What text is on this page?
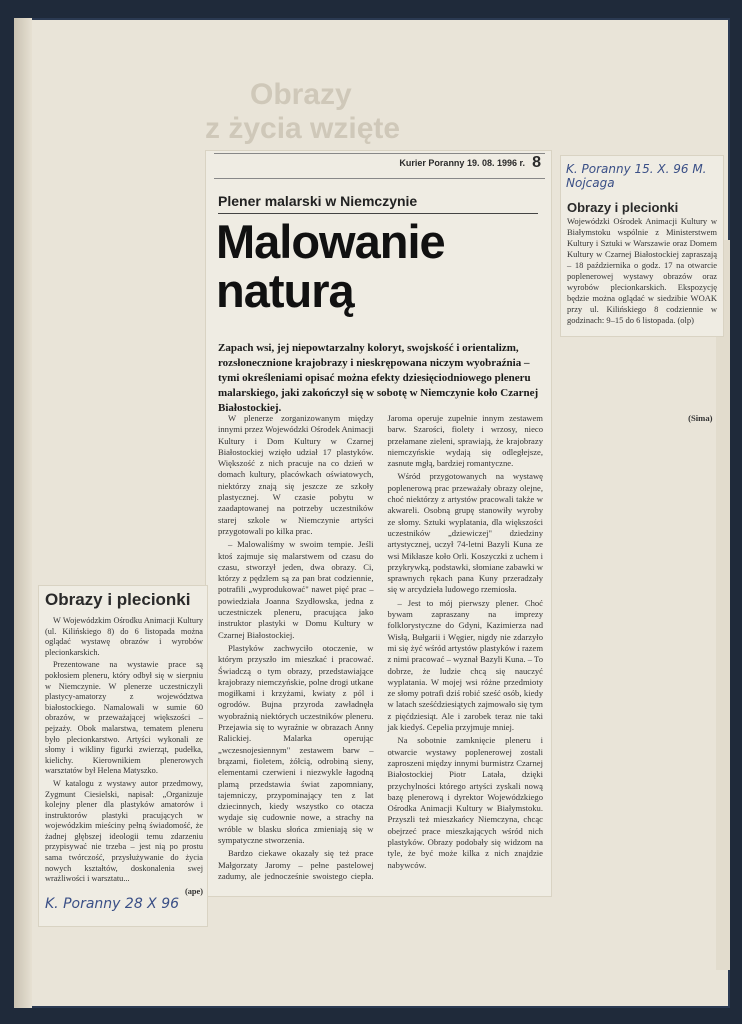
Obrazy
z życia wzięte
Kurier Poranny 19. 08. 1996 r. 8
Plener malarski w Niemczynie
Malowanie
naturą
Zapach wsi, jej niepowtarzalny koloryt, swojskość i orientalizm, rozsłonecznione krajobrazy i nieskrępowana niczym wyobraźnia – tymi określeniami opisać można efekty dziesięciodniowego pleneru malarskiego, jaki zakończył się w sobotę w Niemczynie koło Czarnej Białostockiej.

W plenerze zorganizowanym między innymi przez Wojewódzki Ośrodek Animacji Kultury i Dom Kultury w Czarnej Białostockiej wzięło udział 17 plastyków. Większość z nich pracuje na co dzień w domach kultury, placówkach oświatowych, niektórzy znają się jeszcze ze szkoły plastycznej. W czasie pobytu w zaadaptowanej na potrzeby uczestników starej szkole w Niemczynie artyści przygotowali po kilka prac.

– Malowaliśmy w swoim tempie. Jeśli ktoś zajmuje się malarstwem od czasu do czasu, stworzył jeden, dwa obrazy. Ci, którzy z pędzlem są za pan brat codziennie, potrafili „wyprodukować" nawet pięć prac – powiedziała Joanna Szydłowska, jedna z uczestniczek pleneru, pracująca jako instruktor plastyki w Domu Kultury w Czarnej Białostockiej.

Plastyków zachwyciło otoczenie, w którym przyszło im mieszkać i pracować. Świadczą o tym obrazy, przedstawiające krajobrazy niemczyńskie, polne drogi utkane mogiłkami i krzyżami, kwiaty z pól i ogrodów. Bujna przyroda zawładnęła wyobraźnią niektórych uczestników pleneru. Przejawia się to wyraźnie w obrazach Anny Ralickiej. Malarka operując „wczesnojesiennym" zestawem barw – brązami, fioletem, żółcią, odrobiną sieny, elementami czerwieni i niezwykle łagodną plamą przedstawia świat zapomniany, tajemniczy, przypominający ten z lat dziecinnych, kiedy wszystko co otacza wydaje się cudownie nowe, a strachy na wróble w blasku słońca zmieniają się w sympatyczne stworzenia.

Bardzo ciekawe okazały się też prace Małgorzaty Jaromy – pełne pastelowej zadumy, ale jednocześnie swoistego ciepła. Jaroma operuje zupełnie innym zestawem barw. Szarości, fiolety i wrzosy, nieco przełamane zieleni, sprawiają, że krajobrazy niemczyńskie wydają się odległejsze, zasnute mgłą, bardziej romantyczne.

Wśród przygotowanych na wystawę poplenerową prac przeważały obrazy olejne, choć niektórzy z artystów pracowali także w akwareli. Osobną grupę stanowiły wyroby ze słomy. Sztuki wyplatania, dla większości uczestników „dziewiczej" dziedziny artystycznej, uczył 74-letni Bazyli Kuna ze wsi Mikłasze koło Orli. Koszyczki z uchem i przykrywką, podstawki, słomiane zabawki w sprawnych rękach pana Kuny przeradzały się w arcydzieła ludowego rzemiosła.

– Jest to mój pierwszy plener. Choć bywam zapraszany na imprezy folklorystyczne do Gdyni, Kazimierza nad Wisłą, Bułgarii i Węgier, nigdy nie zdarzyło mi się żyć wśród artystów plastyków i razem z nimi pracować – wyznał Bazyli Kuna. – To dobrze, że ludzie chcą się nauczyć wyplatania. W mojej wsi różne przedmioty ze słomy potrafi dziś robić sześć osób, kiedy w latach sześćdziesiątych zajmowało się tym z pięćdziesiąt. Ale i zarobek teraz nie taki jak kiedyś. Cepelia przyjmuje mniej.

Na sobotnie zamknięcie pleneru i otwarcie wystawy poplenerowej zostali zaproszeni między innymi burmistrz Czarnej Białostockiej Piotr Latała, dzięki przychylności którego artyści zyskali nową bazę plenerową i dyrektor Wojewódzkiego Ośrodka Animacji Kultury w Białymstoku. Przyszli też mieszkańcy Niemczyna, chcąc obejrzeć prace mieszkających wśród nich plastyków. Obrazy podobały się widzom na tyle, że być może kilka z nich znajdzie nabywców.

(Sima)
K. Poranny 15. X. 96 M. Nojcaga
Obrazy i plecionki
Wojewódzki Ośrodek Animacji Kultury w Białymstoku wspólnie z Ministerstwem Kultury i Sztuki w Warszawie oraz Domem Kultury w Czarnej Białostockiej zapraszają – 18 października o godz. 17 na otwarcie poplenerowej wystawy obrazów oraz wyrobów plecionkarskich. Ekspozycję będzie można oglądać w siedzibie WOAK przy ul. Kilińskiego 8 codziennie w godzinach: 9–15 do 6 listopada. (olp)
Obrazy i plecionki

W Wojewódzkim Ośrodku Animacji Kultury (ul. Kilińskiego 8) do 6 listopada można oglądać wystawę obrazów i wyrobów plecionkarskich.

Prezentowane na wystawie prace są pokłosiem pleneru, który odbył się w sierpniu w Niemczynie. W plenerze uczestniczyli plastycy-amatorzy z województwa białostockiego. Namalowali w sumie 60 obrazów, w przeważającej większości – pejzaży. Obok malarstwa, tematem pleneru było plecionkarstwo. Artyści wykonali ze słomy i wikliny figurki zwierząt, pudełka, kielichy. Kierownikiem plenerowych warsztatów był Helena Matyszko.

W katalogu z wystawy autor przedmowy, Zygmunt Ciesielski, napisał: „Organizuje kolejny plener dla plastyków amatorów i instruktorów plastyki pracujących w wojewódzkim mieściny pełną świadomość, że żadnej głębszej ideologii temu zdarzeniu przypisywać nie trzeba – jest nią po prostu sama twórczość, przysłużywanie do życia nowych kształtów, doskonalenia swej wrażliwości i warsztatu...

(ape)
K. Poranny 28 X 96
